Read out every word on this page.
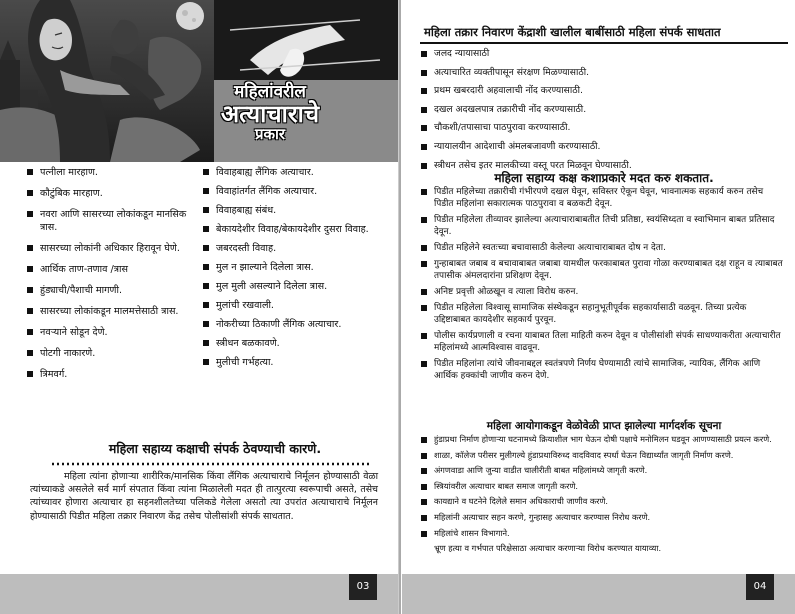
महिलांवरील
अत्याचाराचे
प्रकार
पत्नीला मारहाण.
कौटुंबिक मारहाण.
नवरा आणि सासरच्या लोकांकडून मानसिक त्रास.
सासरच्या लोकांनी अधिकार हिरावून घेणे.
आर्थिक ताण-तणाव /त्रास
हुंड्याची/पैशाची मागणी.
सासरच्या लोकांकडून मालमत्तेसाठी त्रास.
नवऱ्याने सोडून देणे.
पोटगी नाकारणे.
त्रिमवर्ग.
विवाहबाह्य लैंगिक अत्याचार.
विवाहांतर्गत लैंगिक अत्याचार.
विवाहबाह्य संबंध.
बेकायदेशीर विवाह/बेकायदेशीर दुसरा विवाह.
जबरदस्ती विवाह.
मुल न झाल्याने दिलेला त्रास.
मुल मुली असल्याने दिलेला त्रास.
मुलांची रखवाली.
नोकरीच्या ठिकाणी लैंगिक अत्याचार.
स्त्रीधन बळकावणे.
मुलीची गर्भहत्या.
महिला सहाय्य कक्षाची संपर्क ठेवण्याची कारणे.

महिला त्यांना होणाऱ्या शारीरिक/मानसिक किंवा लैंगिक अत्याचाराचे निर्मूलन होण्यासाठी वेळा त्यांच्याकडे असलेले सर्व मार्ग संपतात किंवा त्यांना मिळालेली मदत ही तात्पुरत्या स्वरूपाची असते, तसेच त्यांच्यावर होणारा अत्याचार हा सहनशीलतेच्या पलिकडे गेलेला असतो त्या उपरांत अत्याचाराचे निर्मूलन होण्यासाठी पिडीत महिला तक्रार निवारण केंद्र तसेच पोलीसांशी संपर्क साधतात.

महिला तक्रार निवारण केंद्राशी खालील बाबींसाठी महिला संपर्क साधतात
जलद न्यायासाठी
अत्याचारित व्यक्तीपासून संरक्षण मिळण्यासाठी.
प्रथम खबरदारी अहवालाची नोंद करण्यासाठी.
दखल अदखलपात्र तक्रारीची नोंद करण्यासाठी.
चौकशी/तपासाचा पाठपुरावा करण्यासाठी.
न्यायालयीन आदेशाची अंमलबजावणी करण्यासाठी.
स्त्रीधन तसेच इतर मालकीच्या वस्तू परत मिळवून घेण्यासाठी.
महिला सहाय्य कक्ष कशाप्रकारे मदत करु शकतात.
पिडीत महिलेच्या तक्रारीची गंभीरपणे दखल घेवून, सविस्तर ऐकून घेवून, भावनात्मक सहकार्य करुन तसेच पिडीत महिलांना सकारात्मक पाठपुरावा व बळकटी देवून.
पिडीत महिलेला तीव्यावर झालेल्या अत्याचाराबाबतीत तिची प्रतिष्ठा, स्वयंसिध्दता व स्वाभिमान बाबत प्रतिसाद देवून.
पिडीत महिलेने स्वतःच्या बचावासाठी केलेल्या अत्याचाराबाबत दोष न देता.
गुन्हाबाबत जबाब व बचावाबाबत जबाबा यामधील फरकाबाबत पुरावा गोळा करण्याबाबत दक्ष राहून व त्याबाबत तपासीक अंमलदारांना प्रशिक्षण देवून.
अनिष्ट प्रवृत्ती ओळखून व त्याला विरोध करुन.
पिडीत महिलेला विश्वासू सामाजिक संस्थेकडून सहानुभूतीपूर्वक सहकार्यासाठी वळवून. तिच्या प्रत्येक उद्दिष्टाबाबत कायदेशीर सहकार्य पुरवून.
पोलीस कार्यप्रणाली व रचना याबाबत तिला माहिती करुन देवून व पोलीसांशी संपर्क साधण्याकरीता अत्याचारीत महिलांमध्ये आत्मविश्वास वाढवून.
पिडीत महिलांना त्यांचे जीवनाबद्दल स्वतंत्रपणे निर्णय घेण्यामाठी त्यांचे सामाजिक, न्यायिक, लैंगिक आणि आर्थिक हक्कांची जाणीव करुन देणे.
महिला आयोगाकडून वेळोवेळी प्राप्त झालेल्या मार्गदर्शक सूचना
हुंडाप्रथा निर्माण होणाऱ्या घटनामध्ये क्रियाशील भाग घेऊन दोषी पक्षाचे मनोमिलन घडवून आणण्यासाठी प्रयत्न करणे.
शाळा, कॉलेज परीसर मुलीगल्ये हुंडाप्रथाविरुध्द वादविवाद स्पर्धा घेऊन विद्यार्थ्यांत जागृती निर्माण करणे.
अंगणवाडा आणि जुन्या वाडीत चालीरीती बाबत महिलांमध्ये जागृती करणे.
स्त्रियांवरील अत्याचार बाबत समाज जागृती करणे.
कायद्याने व घटनेने दिलेले समान अधिकाराची जाणीव करणे.
महिलांनी अत्याचार सहन करणे, गुन्हासह अत्याचार करण्यास निरोध करणे.
महिलांचे शासन विभागाने.
भ्रूण हत्या व गर्भपात परिक्षेसाठा अत्याचार करणार्‍या विरोध करण्यात यायाव्या.
03	04
